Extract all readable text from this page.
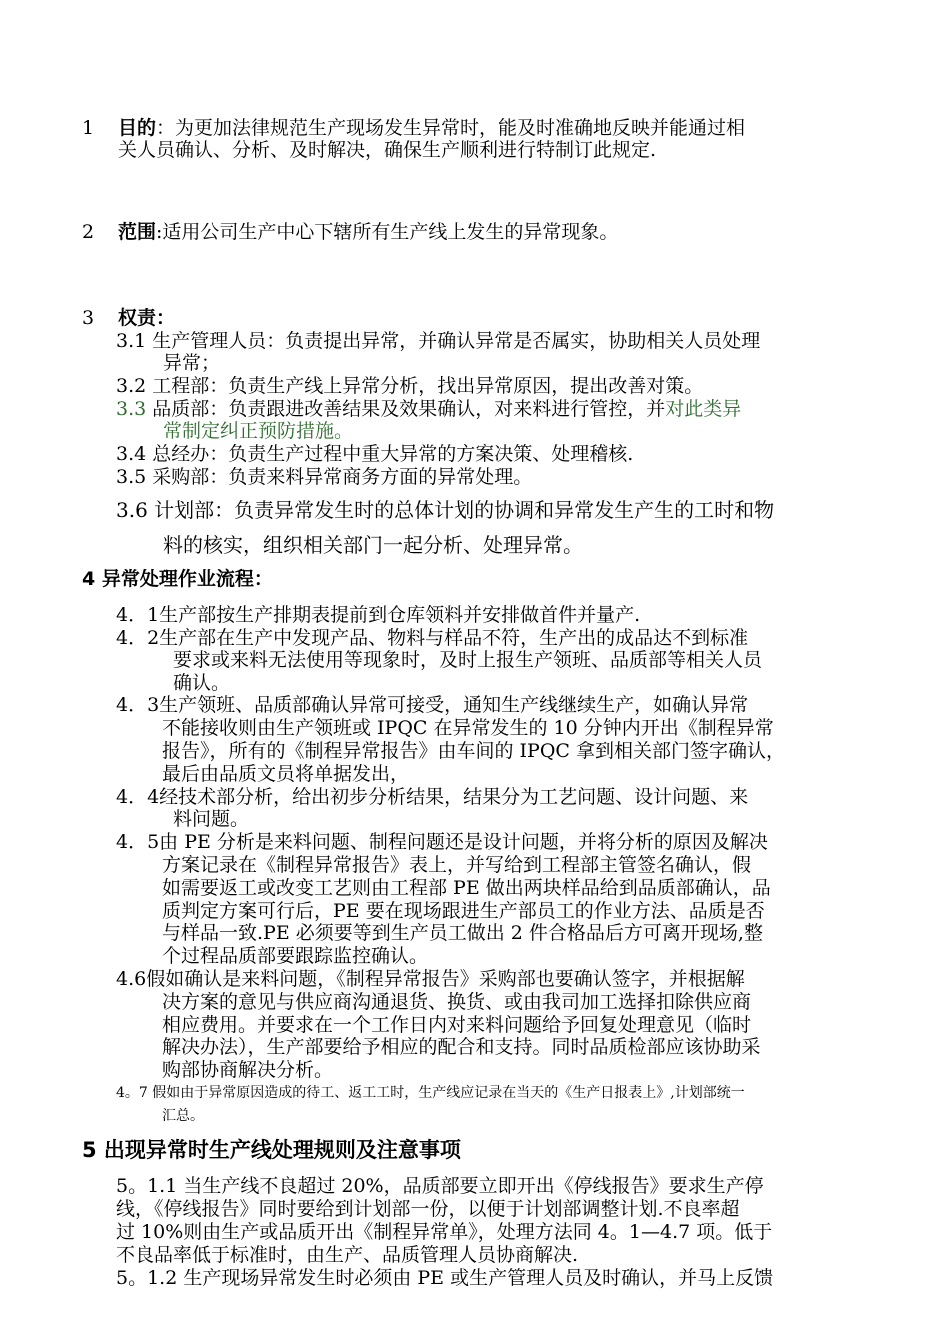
1 目的：为更加法律规范生产现场发生异常时，能及时准确地反映并能通过相
关人员确认、分析、及时解决，确保生产顺利进行特制订此规定.
2 范围:适用公司生产中心下辖所有生产线上发生的异常现象。
3 权责：
3.1 生产管理人员：负责提出异常，并确认异常是否属实，协助相关人员处理
异常；
3.2 工程部：负责生产线上异常分析，找出异常原因，提出改善对策。
3.3 品质部：负责跟进改善结果及效果确认，对来料进行管控，并对此类异
常制定纠正预防措施。
3.4 总经办：负责生产过程中重大异常的方案决策、处理稽核.
3.5 采购部：负责来料异常商务方面的异常处理。
3.6 计划部：负责异常发生时的总体计划的协调和异常发生产生的工时和物
料的核实，组织相关部门一起分析、处理异常。
4 异常处理作业流程：
4．1生产部按生产排期表提前到仓库领料并安排做首件并量产.
4．2生产部在生产中发现产品、物料与样品不符，生产出的成品达不到标准
要求或来料无法使用等现象时，及时上报生产领班、品质部等相关人员
确认。
4．3生产领班、品质部确认异常可接受，通知生产线继续生产，如确认异常
不能接收则由生产领班或 IPQC 在异常发生的 10 分钟内开出《制程异常
报告》，所有的《制程异常报告》由车间的 IPQC 拿到相关部门签字确认，
最后由品质文员将单据发出，
4．4经技术部分析，给出初步分析结果，结果分为工艺问题、设计问题、来
料问题。
4．5由 PE 分析是来料问题、制程问题还是设计问题，并将分析的原因及解决
方案记录在《制程异常报告》表上，并写给到工程部主管签名确认，假
如需要返工或改变工艺则由工程部 PE 做出两块样品给到品质部确认，品
质判定方案可行后，PE 要在现场跟进生产部员工的作业方法、品质是否
与样品一致.PE 必须要等到生产员工做出 2 件合格品后方可离开现场,整
个过程品质部要跟踪监控确认。
4.6假如确认是来料问题，《制程异常报告》采购部也要确认签字，并根据解
决方案的意见与供应商沟通退货、换货、或由我司加工选择扣除供应商
相应费用。并要求在一个工作日内对来料问题给予回复处理意见（临时
解决办法），生产部要给予相应的配合和支持。同时品质检部应该协助采
购部协商解决分析。
4。7 假如由于异常原因造成的待工、返工工时，生产线应记录在当天的《生产日报表上》,计划部统一
汇总。
5 出现异常时生产线处理规则及注意事项
5。1.1 当生产线不良超过 20%，品质部要立即开出《停线报告》要求生产停
线，《停线报告》同时要给到计划部一份，以便于计划部调整计划.不良率超
过 10%则由生产或品质开出《制程异常单》，处理方法同 4。1—4.7 项。低于
不良品率低于标准时，由生产、品质管理人员协商解决.
5。1.2 生产现场异常发生时必须由 PE 或生产管理人员及时确认，并马上反馈
